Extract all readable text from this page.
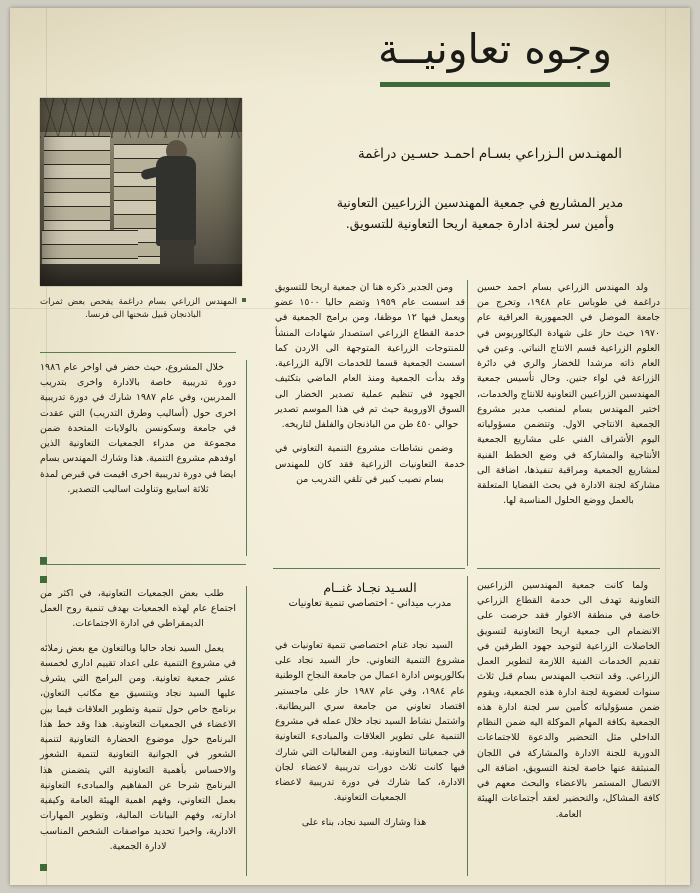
وجوه تعاونيــة
المهنـدس الـزراعي بسـام احمـد حسـين دراغمة
مدير المشاريع في جمعية المهندسين الزراعيين التعاونية
وأمين سر لجنة ادارة جمعية اريحا التعاونية للتسويق.
المهندس الزراعي بسام دراغمة يفحص بعض ثمرات الباذنجان قبيل شحنها الى فرنسا.

ولد المهندس الزراعي بسام احمد حسين دراغمة في طوباس عام ١٩٤٨، وتخرج من جامعة الموصل في الجمهورية العراقية عام ١٩٧٠ حيث حاز على شهادة البكالوريوس في العلوم الزراعية قسم الانتاج النباتي. وعين في العام ذاته مرشدا للخضار والري في دائرة الزراعة في لواء جنين. وحال تأسيس جمعية المهندسين الزراعيين التعاونية للانتاج والخدمات، اختير المهندس بسام لمنصب مدير مشروع الجمعية الانتاجي الاول. وتتضمن مسؤولياته اليوم الأشراف الفني على مشاريع الجمعية الأنتاجية والمشاركة في وضع الخطط الفنية لمشاريع الجمعية ومراقبة تنفيذها، اضافة الى مشاركة لجنة الادارة في بحث القضايا المتعلقة بالعمل ووضع الحلول المناسبة لها.

ولما كانت جمعية المهندسين الزراعيين التعاونية تهدف الى خدمة القطاع الزراعي خاصة في منطقة الاغوار فقد حرصت على الانضمام الى جمعية اريحا التعاونية لتسويق الخاصلات الزراعية لتوحيد جهود الطرفين في تقديم الخدمات الفنية اللازمة لتطوير العمل الزراعي. وقد انتخب المهندس بسام قبل ثلاث سنوات لعضوية لجنة ادارة هذه الجمعية، ويقوم ضمن مسؤولياته كأمين سر لجنة ادارة هذه الجمعية بكافة المهام الموكلة اليه ضمن النظام الداخلي مثل التحضير والدعوة للاجتماعات الدورية للجنة الادارة والمشاركة في اللجان المنبثقة عنها خاصة لجنة التسويق، اضافة الى الاتصال المستمر بالاعضاء والبحث معهم في كافة المشاكل، والتحضير لعقد أجتماعات الهيئة العامة.

ومن الجدير ذكره هنا ان جمعية اريحا للتسويق قد اسست عام ١٩٥٩ وتضم حاليا ١٥٠٠ عضو ويعمل فيها ١٢ موظفا، ومن برامج الجمعية في خدمة القطاع الزراعي استصدار شهادات المنشأ للمنتوجات الزراعية المتوجهة الى الاردن كما اسست الجمعية قسما للخدمات الآلية الزراعية. وقد بدأت الجمعية ومنذ العام الماضي بتكثيف الجهود في تنظيم عملية تصدير الخضار الى السوق الاوروبية حيث تم في هذا الموسم تصدير حوالي ٤٥٠ طن من الباذنجان والفلفل لتاريخه.

وضمن نشاطات مشروع التنمية التعاوني في خدمة التعاونيات الزراعية فقد كان للمهندس بسام نصيب كبير في تلقي التدريب من

السـيد نجـاد غنــام
مدرب ميداني - اختصاصي تنمية تعاونيات

السيد نجاد غنام اختصاصي تنمية تعاونيات في مشروع التنمية التعاوني. حاز السيد نجاد على بكالوريوس ادارة اعمال من جامعة النجاح الوطنية عام ١٩٨٤، وفي عام ١٩٨٧ حاز على ماجستير اقتصاد تعاوني من جامعة سري البريطانية. واشتمل نشاط السيد نجاد خلال عمله في مشروع التنمية على تطوير العلاقات والمبادىء التعاونية في جمعياتنا التعاونية. ومن الفعاليات التي شارك فيها كانت ثلاث دورات تدريبية لاعضاء لجان الادارة، كما شارك في دورة تدريبية لاعضاء الجمعيات التعاونية.

هذا وشارك السيد نجاد، بناء على

خلال المشروع، حيث حضر في اواخر عام ١٩٨٦ دورة تدريبية خاصة بالادارة واخرى بتدريب المدربين، وفي عام ١٩٨٧ شارك في دورة تدريبية اخرى حول (أساليب وطرق التدريب) التي عقدت في جامعة وسكونسن بالولايات المتحدة ضمن مجموعة من مدراء الجمعيات التعاونية الذين اوفدهم مشروع التنمية. هذا وشارك المهندس بسام ايضا في دورة تدريبية اخرى اقيمت في قبرص لمدة ثلاثة اسابيع وتناولت اساليب التصدير.

طلب بعض الجمعيات التعاونية، في اكثر من اجتماع عام لهذه الجمعيات بهدف تنمية روح العمل الديمقراطي في ادارة الاجتماعات.

يعمل السيد نجاد حاليا وبالتعاون مع بعض زملائه في مشروع التنمية على اعداد تقييم اداري لخمسة عشر جمعية تعاونية. ومن البرامج التي يشرف عليها السيد نجاد ويتنسيق مع مكاتب التعاون، برنامج خاص حول تنمية وتطوير العلاقات فيما بين الاعضاء في الجمعيات التعاونية. هذا وقد خط هذا البرنامج حول موضوع الحضارة التعاونية لتنمية الشعور في الجوانية التعاونية لتنمية الشعور والاحساس بأهمية التعاونية التي يتضمنن هذا البرنامج شرحا عن المفاهيم والمبادىء التعاونية بعمل التعاوني، وفهم اهمية الهيئة العامة وكيفية ادارته، وفهم البيانات المالية، وتطوير المهارات الادارية، واخيرا تحديد مواصفات الشخص المناسب لادارة الجمعية.
